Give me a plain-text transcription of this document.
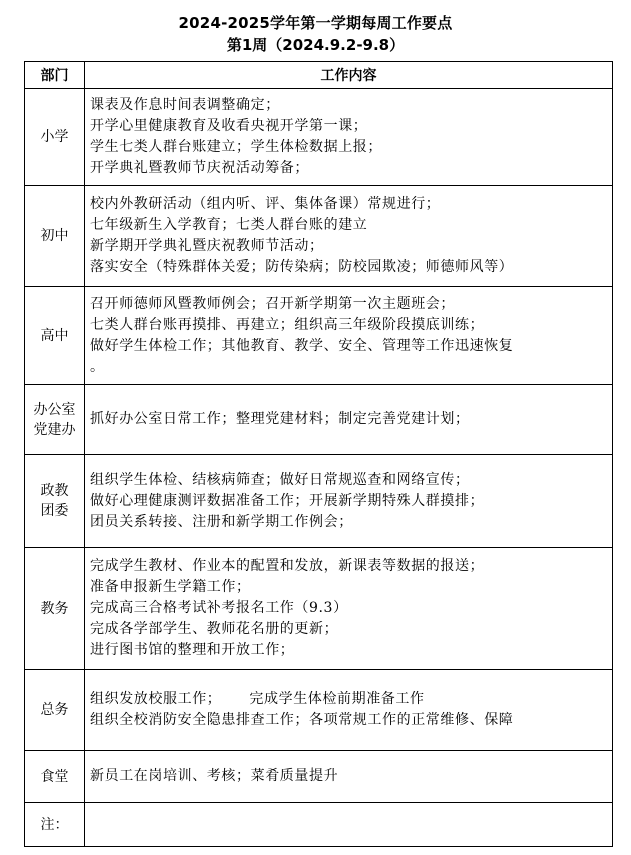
2024-2025学年第一学期每周工作要点
第1周（2024.9.2-9.8）
部门	工作内容
小学	课表及作息时间表调整确定；
开学心里健康教育及收看央视开学第一课；
学生七类人群台账建立；学生体检数据上报；
开学典礼暨教师节庆祝活动筹备；

初中	校内外教研活动（组内听、评、集体备课）常规进行；
七年级新生入学教育；七类人群台账的建立
新学期开学典礼暨庆祝教师节活动；
落实安全（特殊群体关爱；防传染病；防校园欺凌；师德师风等）

高中	召开师德师风暨教师例会；召开新学期第一次主题班会；
七类人群台账再摸排、再建立；组织高三年级阶段摸底训练；
做好学生体检工作；其他教育、教学、安全、管理等工作迅速恢复
。

办公室
党建办	抓好办公室日常工作；整理党建材料；制定完善党建计划；

政教
团委	组织学生体检、结核病筛查；做好日常规巡查和网络宣传；
做好心理健康测评数据准备工作；开展新学期特殊人群摸排；
团员关系转接、注册和新学期工作例会；

教务	完成学生教材、作业本的配置和发放，新课表等数据的报送；
准备申报新生学籍工作；
完成高三合格考试补考报名工作（9.3）
完成各学部学生、教师花名册的更新；
进行图书馆的整理和开放工作；

总务	组织发放校服工作； 完成学生体检前期准备工作
组织全校消防安全隐患排查工作；各项常规工作的正常维修、保障

食堂	新员工在岗培训、考核；菜肴质量提升

注：	
